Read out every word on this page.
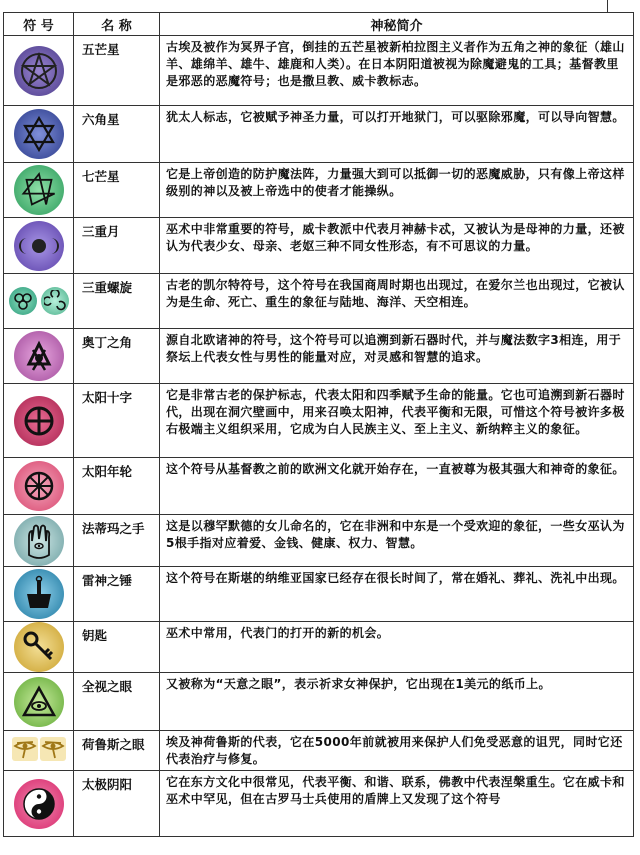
符 号	名 称	神秘简介

	五芒星	古埃及被作为冥界子宫，倒挂的五芒星被新柏拉图主义者作为五角之神的象征（雄山羊、雄绵羊、雄牛、雄鹿和人类）。在日本阴阳道被视为除魔避鬼的工具；基督教里是邪恶的恶魔符号；也是撒旦教、威卡教标志。

	六角星	犹太人标志，它被赋予神圣力量，可以打开地狱门，可以驱除邪魔，可以导向智慧。

	七芒星	它是上帝创造的防护魔法阵，力量强大到可以抵御一切的恶魔威胁，只有像上帝这样级别的神以及被上帝选中的使者才能操纵。

	三重月	巫术中非常重要的符号，威卡教派中代表月神赫卡忒，又被认为是母神的力量，还被认为代表少女、母亲、老妪三种不同女性形态，有不可思议的力量。

	三重螺旋	古老的凯尔特符号，这个符号在我国商周时期也出现过，在爱尔兰也出现过，它被认为是生命、死亡、重生的象征与陆地、海洋、天空相连。

	奥丁之角	源自北欧诸神的符号，这个符号可以追溯到新石器时代，并与魔法数字3相连，用于祭坛上代表女性与男性的能量对应，对灵感和智慧的追求。

	太阳十字	它是非常古老的保护标志，代表太阳和四季赋予生命的能量。它也可追溯到新石器时代，出现在洞穴壁画中，用来召唤太阳神，代表平衡和无限，可惜这个符号被许多极右极端主义组织采用，它成为白人民族主义、至上主义、新纳粹主义的象征。

	太阳年轮	这个符号从基督教之前的欧洲文化就开始存在，一直被尊为极其强大和神奇的象征。

	法蒂玛之手	这是以穆罕默德的女儿命名的，它在非洲和中东是一个受欢迎的象征，一些女巫认为5根手指对应着爱、金钱、健康、权力、智慧。

	雷神之锤	这个符号在斯堪的纳维亚国家已经存在很长时间了，常在婚礼、葬礼、洗礼中出现。

	钥匙	巫术中常用，代表门的打开的新的机会。

	全视之眼	又被称为“天意之眼”，表示祈求女神保护，它出现在1美元的纸币上。
	荷鲁斯之眼	埃及神荷鲁斯的代表，它在5000年前就被用来保护人们免受恶意的诅咒，同时它还代表治疗与修复。

	太极阴阳	它在东方文化中很常见，代表平衡、和谐、联系，佛教中代表涅槃重生。它在威卡和巫术中罕见，但在古罗马士兵使用的盾牌上又发现了这个符号
